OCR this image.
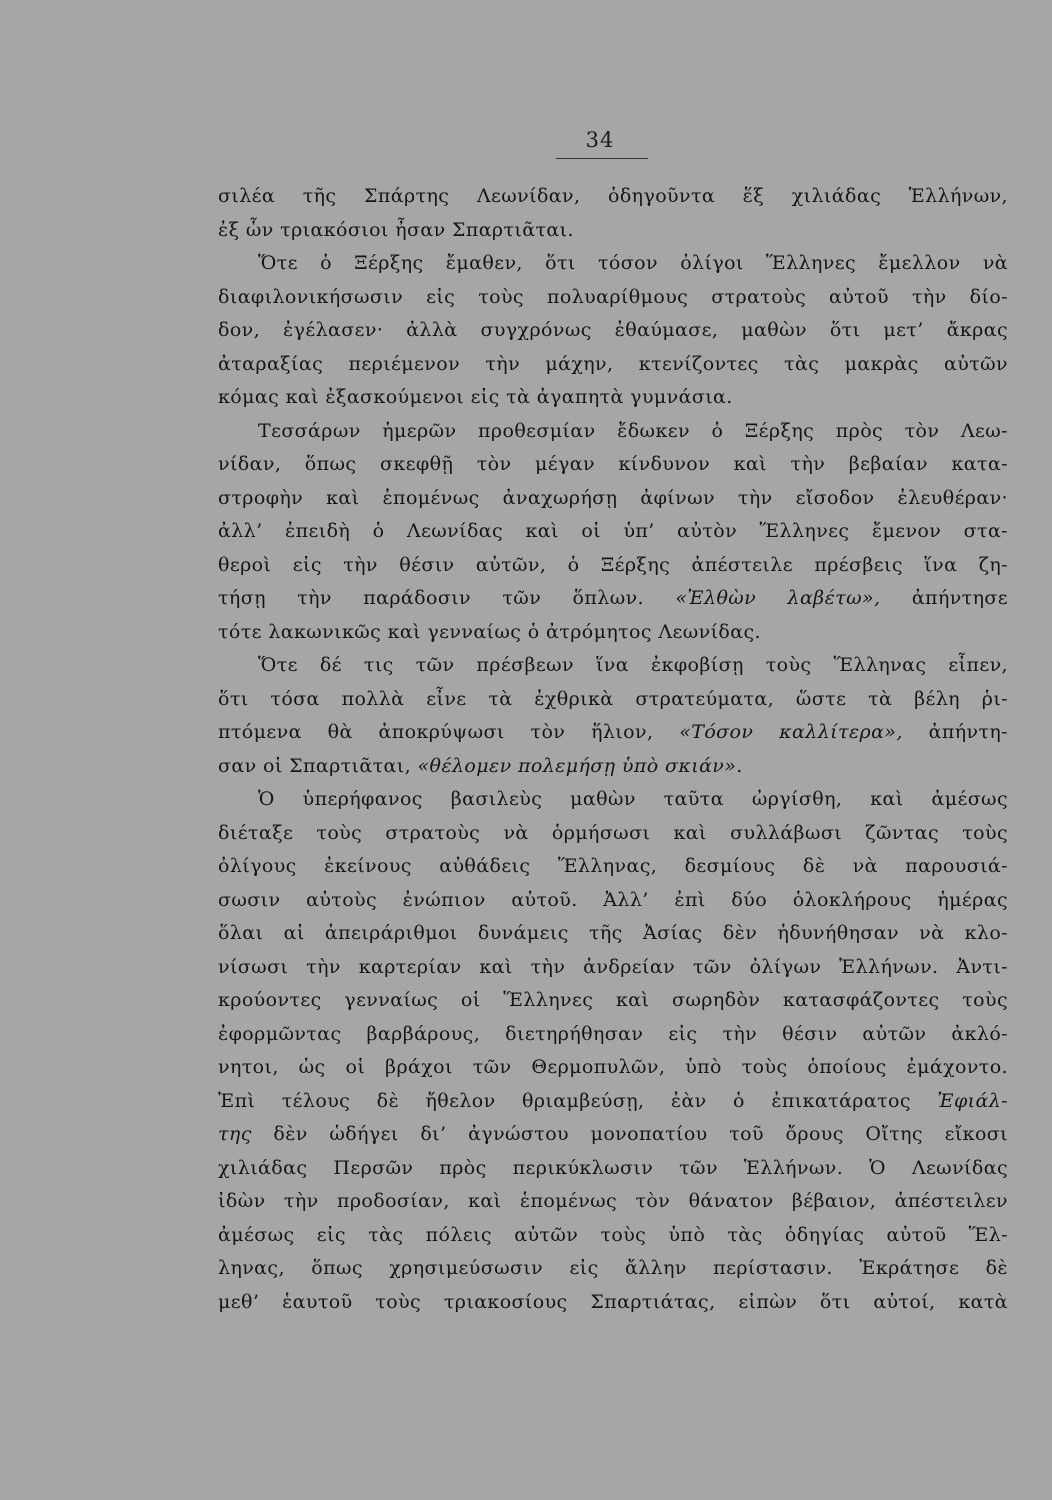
34
σιλέα τῆς Σπάρτης Λεωνίδαν, ὁδηγοῦντα ἕξ χιλιάδας Ἑλλήνων,
ἐξ ὧν τριακόσιοι ἦσαν Σπαρτιᾶται.
Ὅτε ὁ Ξέρξης ἔμαθεν, ὅτι τόσον ὀλίγοι Ἕλληνες ἔμελλον νὰ
διαφιλονικήσωσιν εἰς τοὺς πολυαρίθμους στρατοὺς αὐτοῦ τὴν δίο-
δον, ἐγέλασεν· ἀλλὰ συγχρόνως ἐθαύμασε, μαθὼν ὅτι μετ’ ἄκρας
ἀταραξίας περιέμενον τὴν μάχην, κτενίζοντες τὰς μακρὰς αὐτῶν
κόμας καὶ ἐξασκούμενοι εἰς τὰ ἀγαπητὰ γυμνάσια.
Τεσσάρων ἡμερῶν προθεσμίαν ἔδωκεν ὁ Ξέρξης πρὸς τὸν Λεω-
νίδαν, ὅπως σκεφθῇ τὸν μέγαν κίνδυνον καὶ τὴν βεβαίαν κατα-
στροφὴν καὶ ἑπομένως ἀναχωρήσῃ ἀφίνων τὴν εἴσοδον ἐλευθέραν·
ἀλλ’ ἐπειδὴ ὁ Λεωνίδας καὶ οἱ ὑπ’ αὐτὸν Ἕλληνες ἔμενον στα-
θεροὶ εἰς τὴν θέσιν αὐτῶν, ὁ Ξέρξης ἀπέστειλε πρέσβεις ἵνα ζη-
τήσῃ τὴν παράδοσιν τῶν ὅπλων. «Ἐλθὼν λαβέτω», ἀπήντησε
τότε λακωνικῶς καὶ γενναίως ὁ ἀτρόμητος Λεωνίδας.
Ὅτε δέ τις τῶν πρέσβεων ἵνα ἐκφοβίσῃ τοὺς Ἕλληνας εἶπεν,
ὅτι τόσα πολλὰ εἶνε τὰ ἐχθρικὰ στρατεύματα, ὥστε τὰ βέλη ῥι-
πτόμενα θὰ ἀποκρύψωσι τὸν ἥλιον, «Τόσον καλλίτερα», ἀπήντη-
σαν οἱ Σπαρτιᾶται, «θέλομεν πολεμήσῃ ὑπὸ σκιάν».
Ὁ ὑπερήφανος βασιλεὺς μαθὼν ταῦτα ὠργίσθη, καὶ ἀμέσως
διέταξε τοὺς στρατοὺς νὰ ὁρμήσωσι καὶ συλλάβωσι ζῶντας τοὺς
ὀλίγους ἐκείνους αὐθάδεις Ἕλληνας, δεσμίους δὲ νὰ παρουσιά-
σωσιν αὐτοὺς ἐνώπιον αὐτοῦ. Ἀλλ’ ἐπὶ δύο ὁλοκλήρους ἡμέρας
ὅλαι αἱ ἀπειράριθμοι δυνάμεις τῆς Ἀσίας δὲν ἠδυνήθησαν νὰ κλο-
νίσωσι τὴν καρτερίαν καὶ τὴν ἀνδρείαν τῶν ὀλίγων Ἑλλήνων. Ἀντι-
κρούοντες γενναίως οἱ Ἕλληνες καὶ σωρηδὸν κατασφάζοντες τοὺς
ἐφορμῶντας βαρβάρους, διετηρήθησαν εἰς τὴν θέσιν αὐτῶν ἀκλό-
νητοι, ὡς οἱ βράχοι τῶν Θερμοπυλῶν, ὑπὸ τοὺς ὁποίους ἐμάχοντο.
Ἐπὶ τέλους δὲ ἤθελον θριαμβεύσῃ, ἐὰν ὁ ἐπικατάρατος Ἐφιάλ-
της δὲν ὡδήγει δι’ ἀγνώστου μονοπατίου τοῦ ὄρους Οἴτης εἴκοσι
χιλιάδας Περσῶν πρὸς περικύκλωσιν τῶν Ἑλλήνων. Ὁ Λεωνίδας
ἰδὼν τὴν προδοσίαν, καὶ ἑπομένως τὸν θάνατον βέβαιον, ἀπέστειλεν
ἀμέσως εἰς τὰς πόλεις αὐτῶν τοὺς ὑπὸ τὰς ὁδηγίας αὐτοῦ Ἕλ-
ληνας, ὅπως χρησιμεύσωσιν εἰς ἄλλην περίστασιν. Ἐκράτησε δὲ
μεθ’ ἑαυτοῦ τοὺς τριακοσίους Σπαρτιάτας, εἰπὼν ὅτι αὐτοί, κατὰ
